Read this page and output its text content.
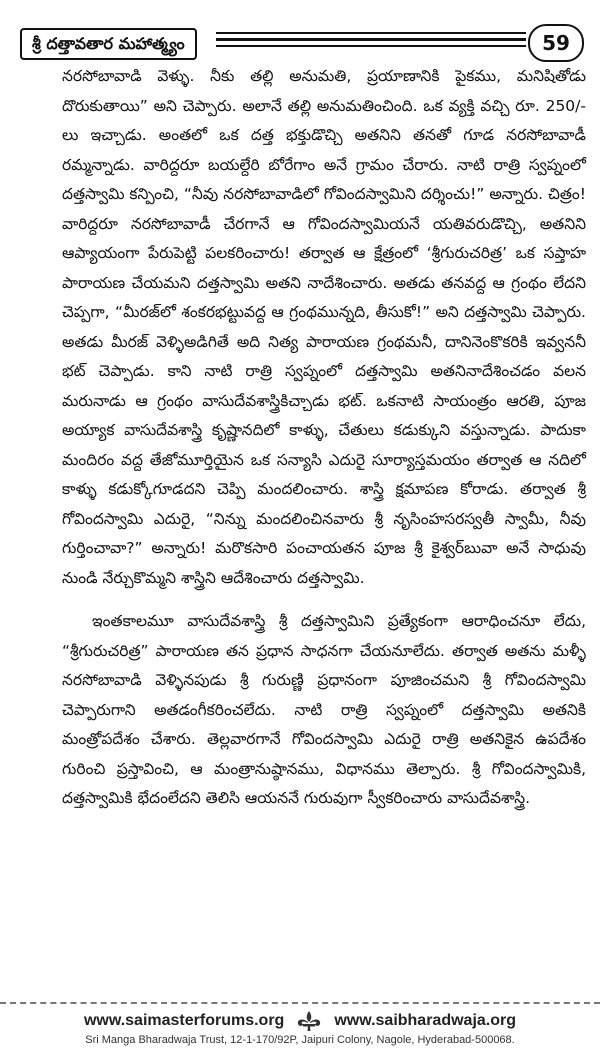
శ్రీ దత్తావతార మహాత్మ్యం	59

నరసోబావాడి వెళ్ళు. నీకు తల్లి అనుమతి, ప్రయాణానికి పైకము, మనిషితోడు దొరుకుతాయి” అని చెప్పారు. అలానే తల్లి అనుమతించింది. ఒక వ్యక్తి వచ్చి రూ. 250/-లు ఇచ్చాడు. అంతలో ఒక దత్త భక్తుడొచ్చి అతనిని తనతో గూడ నరసోబావాడీ రమ్మన్నాడు. వారిద్దరూ బయల్దేరి బోరేగాం అనే గ్రామం చేరారు. నాటి రాత్రి స్వప్నంలో దత్తస్వామి కన్పించి, “నీవు నరసోబావాడిలో గోవిందస్వామిని దర్శించు!” అన్నారు. చిత్రం! వారిద్దరూ నరసోబావాడీ చేరగానే ఆ గోవిందస్వామియనే యతివరుడొచ్చి, అతనిని ఆప్యాయంగా పేరుపెట్టి పలకరించారు! తర్వాత ఆ క్షేత్రంలో ‘శ్రీగురుచరిత్ర’ ఒక సప్తాహ పారాయణ చేయమని దత్తస్వామి అతని నాదేశించారు. అతడు తనవద్ద ఆ గ్రంథం లేదని చెప్పగా, “మీరజ్‌లో శంకరభట్టువద్ద ఆ గ్రంథమున్నది, తీసుకో!” అని దత్తస్వామి చెప్పారు. అతడు మీరజ్ వెళ్ళిఅడిగితే అది నిత్య పారాయణ గ్రంథమనీ, దానినెంకొకరికి ఇవ్వననీ భట్ చెప్పాడు. కాని నాటి రాత్రి స్వప్నంలో దత్తస్వామి అతనినాదేశించడం వలన మరునాడు ఆ గ్రంథం వాసుదేవశాస్త్రికిచ్చాడు భట్. ఒకనాటి సాయంత్రం ఆరతి, పూజ అయ్యాక వాసుదేవశాస్త్రి కృష్ణానదిలో కాళ్ళు, చేతులు కడుక్కుని వస్తున్నాడు. పాదుకా మందిరం వద్ద తేజోమూర్తియైన ఒక సన్యాసి ఎదురై సూర్యాస్తమయం తర్వాత ఆ నదిలో కాళ్ళు కడుక్కోగూడదని చెప్పి మందలించారు. శాస్త్రి క్షమాపణ కోరాడు. తర్వాత శ్రీ గోవిందస్వామి ఎదురై, “నిన్ను మందలించినవారు శ్రీ నృసింహసరస్వతీ స్వామీ, నీవు గుర్తించావా?” అన్నారు! మరొకసారి పంచాయతన పూజ శ్రీ కైశ్వర్‌బువా అనే సాధువు నుండి నేర్చుకొమ్మని శాస్త్రిని ఆదేశించారు దత్తస్వామి.

ఇంతకాలమూ వాసుదేవశాస్త్రి శ్రీ దత్తస్వామిని ప్రత్యేకంగా ఆరాధించనూ లేదు, “శ్రీగురుచరిత్ర” పారాయణ తన ప్రధాన సాధనగా చేయనూలేదు. తర్వాత అతను మళ్ళీ నరసోబావాడి వెళ్ళినపుడు శ్రీ గురుణ్ణి ప్రధానంగా పూజించమని శ్రీ గోవిందస్వామి చెప్పారుగాని అతడంగీకరించలేదు. నాటి రాత్రి స్వప్నంలో దత్తస్వామి అతనికి మంత్రోపదేశం చేశారు. తెల్లవారగానే గోవిందస్వామి ఎదురై రాత్రి అతనికైన ఉపదేశం గురించి ప్రస్తావించి, ఆ మంత్రానుష్ఠానము, విధానము తెల్పారు. శ్రీ గోవిందస్వామికి, దత్తస్వామికి భేదంలేదని తెలిసి ఆయననే గురువుగా స్వీకరించారు వాసుదేవశాస్త్రి.

www.saimasterforums.org	www.saibharadwaja.org
Sri Manga Bharadwaja Trust, 12-1-170/92P, Jaipuri Colony, Nagole, Hyderabad-500068.
